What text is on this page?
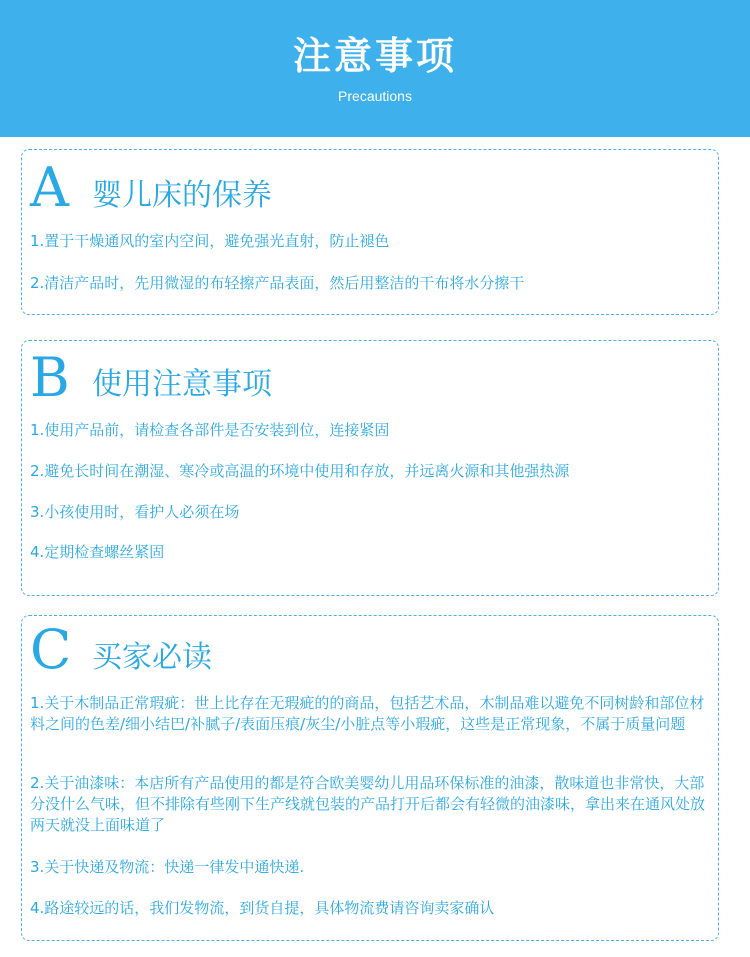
注意事项
Precautions
A 婴儿床的保养
1.置于干燥通风的室内空间，避免强光直射，防止褪色
2.清洁产品时，先用微湿的布轻擦产品表面，然后用整洁的干布将水分擦干
B 使用注意事项
1.使用产品前，请检查各部件是否安装到位，连接紧固
2.避免长时间在潮湿、寒冷或高温的环境中使用和存放，并远离火源和其他强热源
3.小孩使用时，看护人必须在场
4.定期检查螺丝紧固
C 买家必读
1.关于木制品正常瑕疵：世上比存在无瑕疵的的商品，包括艺术品，木制品难以避免不同树龄和部位材料之间的色差/细小结巴/补腻子/表面压痕/灰尘/小脏点等小瑕疵，这些是正常现象，不属于质量问题
2.关于油漆味：本店所有产品使用的都是符合欧美婴幼儿用品环保标准的油漆，散味道也非常快，大部分没什么气味，但不排除有些刚下生产线就包装的产品打开后都会有轻微的油漆味，拿出来在通风处放两天就没上面味道了
3.关于快递及物流：快递一律发中通快递.
4.路途较远的话，我们发物流，到货自提，具体物流费请咨询卖家确认
